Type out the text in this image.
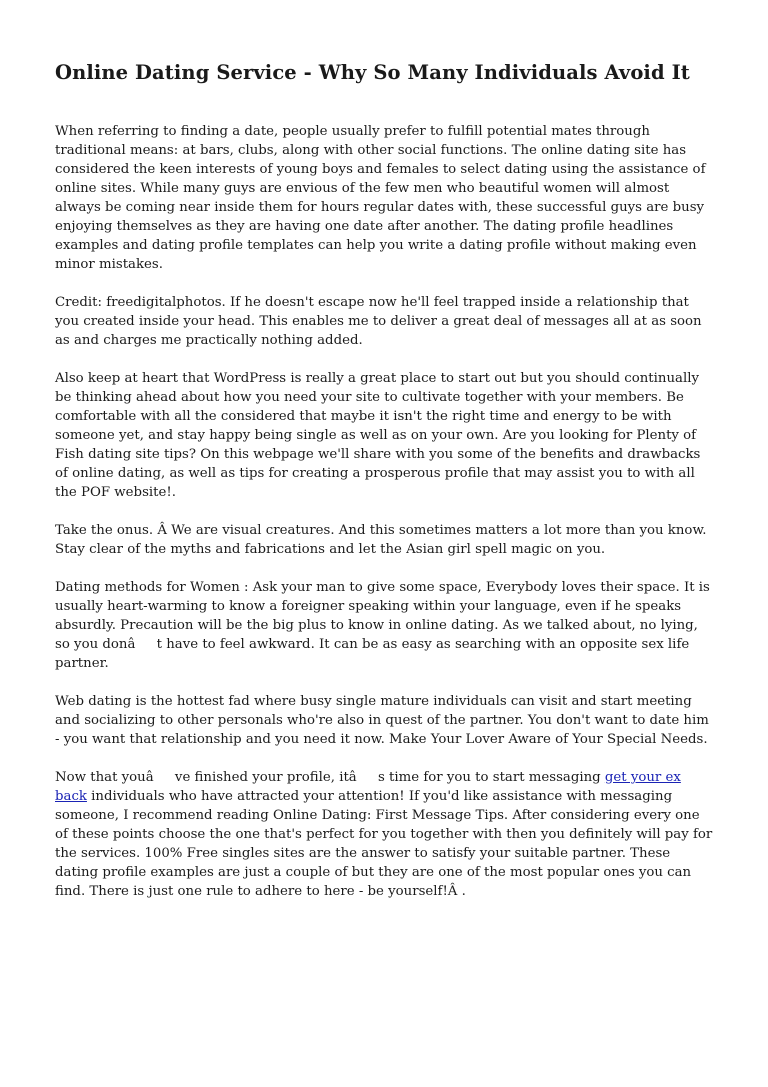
Online Dating Service - Why So Many Individuals Avoid It

When referring to finding a date, people usually prefer to fulfill potential mates through traditional means: at bars, clubs, along with other social functions. The online dating site has considered the keen interests of young boys and females to select dating using the assistance of online sites. While many guys are envious of the few men who beautiful women will almost always be coming near inside them for hours regular dates with, these successful guys are busy enjoying themselves as they are having one date after another. The dating profile headlines examples and dating profile templates can help you write a dating profile without making even minor mistakes.

Credit: freedigitalphotos. If he doesn't escape now he'll feel trapped inside a relationship that you created inside your head. This enables me to deliver a great deal of messages all at as soon as and charges me practically nothing added.

Also keep at heart that WordPress is really a great place to start out but you should continually be thinking ahead about how you need your site to cultivate together with your members. Be comfortable with all the considered that maybe it isn't the right time and energy to be with someone yet, and stay happy being single as well as on your own. Are you looking for Plenty of Fish dating site tips? On this webpage we'll share with you some of the benefits and drawbacks of online dating, as well as tips for creating a prosperous profile that may assist you to with all the POF website!.

Take the onus. Â We are visual creatures. And this sometimes matters a lot more than you know. Stay clear of the myths and fabrications and let the Asian girl spell magic on you.

Dating methods for Women : Ask your man to give some space, Everybody loves their space. It is usually heart-warming to know a foreigner speaking within your language, even if he speaks absurdly. Precaution will be the big plus to know in online dating. As we talked about, no lying, so you donât have to feel awkward. It can be as easy as searching with an opposite sex life partner.

Web dating is the hottest fad where busy single mature individuals can visit and start meeting and socializing to other personals who're also in quest of the partner. You don't want to date him - you want that relationship and you need it now. Make Your Lover Aware of Your Special Needs.

Now that youâve finished your profile, itâs time for you to start messaging get your ex back individuals who have attracted your attention! If you'd like assistance with messaging someone, I recommend reading Online Dating: First Message Tips. After considering every one of these points choose the one that's perfect for you together with then you definitely will pay for the services. 100% Free singles sites are the answer to satisfy your suitable partner. These dating profile examples are just a couple of but they are one of the most popular ones you can find. There is just one rule to adhere to here - be yourself!Â .
